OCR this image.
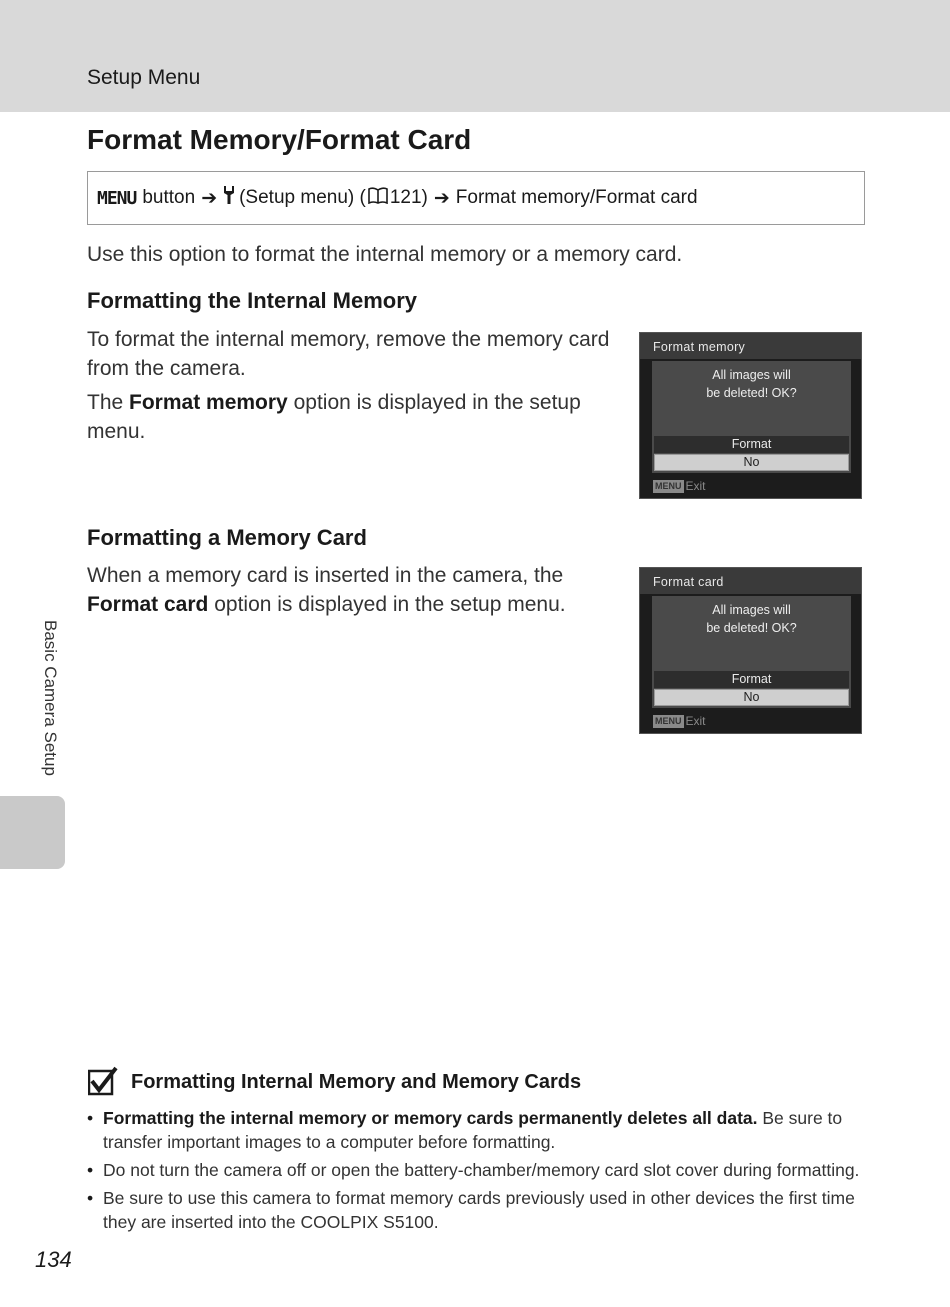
Setup Menu
Format Memory/Format Card
MENU button ➔ (Setup menu) ( 121) ➔ Format memory/Format card

Use this option to format the internal memory or a memory card.

Formatting the Internal Memory

To format the internal memory, remove the memory card from the camera.

The Format memory option is displayed in the setup menu.

Format memory
All images will
be deleted! OK?
Format
No
MENU Exit
Formatting a Memory Card

When a memory card is inserted in the camera, the Format card option is displayed in the setup menu.

Format card
All images will
be deleted! OK?
Format
No
MENU Exit
Basic Camera Setup
Formatting Internal Memory and Memory Cards
• Formatting the internal memory or memory cards permanently deletes all data. Be sure to transfer important images to a computer before formatting.
• Do not turn the camera off or open the battery-chamber/memory card slot cover during formatting.
• Be sure to use this camera to format memory cards previously used in other devices the first time they are inserted into the COOLPIX S5100.
134
